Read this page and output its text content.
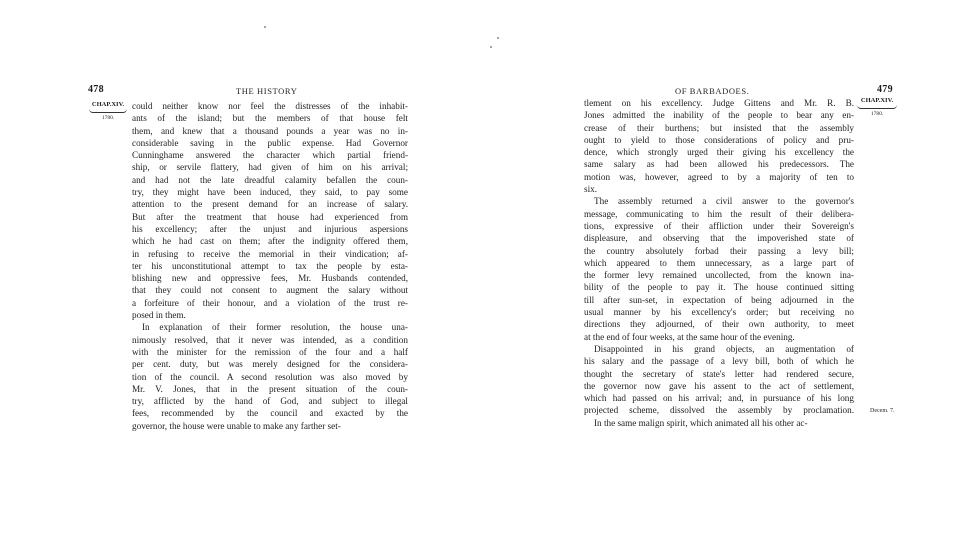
478	THE HISTORY
CHAP.XIV.
1780.
could neither know nor feel the distresses of the inhabit-
ants of the island; but the members of that house felt
them, and knew that a thousand pounds a year was no in-
considerable saving in the public expense. Had Governor
Cunninghame answered the character which partial friend-
ship, or servile flattery, had given of him on his arrival;
and had not the late dreadful calamity befallen the coun-
try, they might have been induced, they said, to pay some
attention to the present demand for an increase of salary.
But after the treatment that house had experienced from
his excellency; after the unjust and injurious aspersions
which he had cast on them; after the indignity offered them,
in refusing to receive the memorial in their vindication; af-
ter his unconstitutional attempt to tax the people by esta-
blishing new and oppressive fees, Mr. Husbands contended,
that they could not consent to augment the salary without
a forfeiture of their honour, and a violation of the trust re-
posed in them.
In explanation of their former resolution, the house una-
nimously resolved, that it never was intended, as a condition
with the minister for the remission of the four and a half
per cent. duty, but was merely designed for the considera-
tion of the council. A second resolution was also moved by
Mr. V. Jones, that in the present situation of the coun-
try, afflicted by the hand of God, and subject to illegal
fees, recommended by the council and exacted by the
governor, the house were unable to make any farther set-
OF BARBADOES.	479
CHAP.XIV.
1780.
Decem. 7.
tlement on his excellency. Judge Gittens and Mr. R. B.
Jones admitted the inability of the people to bear any en-
crease of their burthens; but insisted that the assembly
ought to yield to those considerations of policy and pru-
dence, which strongly urged their giving his excellency the
same salary as had been allowed his predecessors. The
motion was, however, agreed to by a majority of ten to
six.
The assembly returned a civil answer to the governor's
message, communicating to him the result of their delibera-
tions, expressive of their affliction under their Sovereign's
displeasure, and observing that the impoverished state of
the country absolutely forbad their passing a levy bill;
which appeared to them unnecessary, as a large part of
the former levy remained uncollected, from the known ina-
bility of the people to pay it. The house continued sitting
till after sun-set, in expectation of being adjourned in the
usual manner by his excellency's order; but receiving no
directions they adjourned, of their own authority, to meet
at the end of four weeks, at the same hour of the evening.
Disappointed in his grand objects, an augmentation of
his salary and the passage of a levy bill, both of which he
thought the secretary of state's letter had rendered secure,
the governor now gave his assent to the act of settlement,
which had passed on his arrival; and, in pursuance of his long
projected scheme, dissolved the assembly by proclamation.
In the same malign spirit, which animated all his other ac-
